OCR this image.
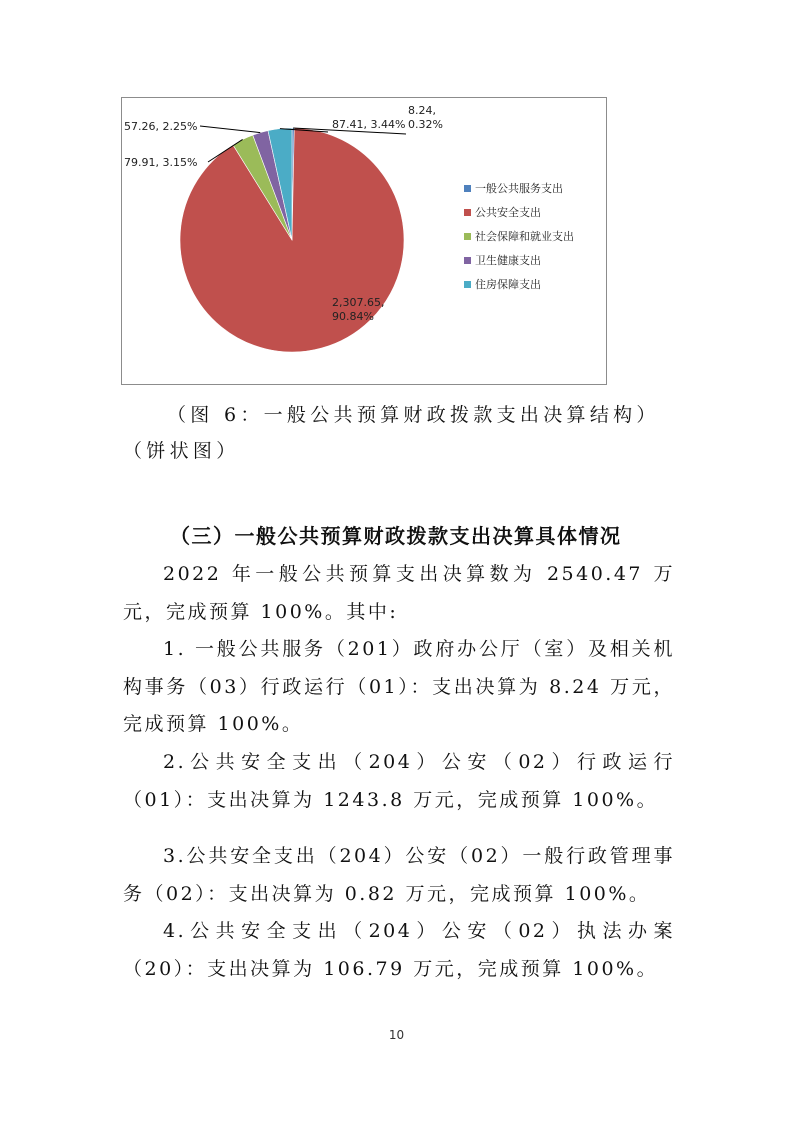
8.24, 0.32%
2,307.65, 90.84%
79.91, 3.15%
57.26, 2.25%	87.41, 3.44%
一般公共服务支出
公共安全支出
社会保障和就业支出
卫生健康支出
住房保障支出
（图 6：一般公共预算财政拨款支出决算结构）（饼状图）
（三）一般公共预算财政拨款支出决算具体情况
2022 年一般公共预算支出决算数为 2540.47 万元，完成预算 100%。其中:
1. 一般公共服务（201）政府办公厅（室）及相关机构事务（03）行政运行（01）：支出决算为 8.24 万元，完成预算 100%。
2.公共安全支出（204）公安（02）行政运行（01）：支出决算为 1243.8 万元，完成预算 100%。
3.公共安全支出（204）公安（02）一般行政管理事务（02）：支出决算为 0.82 万元，完成预算 100%。
4.公共安全支出（204）公安（02）执法办案（20）：支出决算为 106.79 万元，完成预算 100%。
10
